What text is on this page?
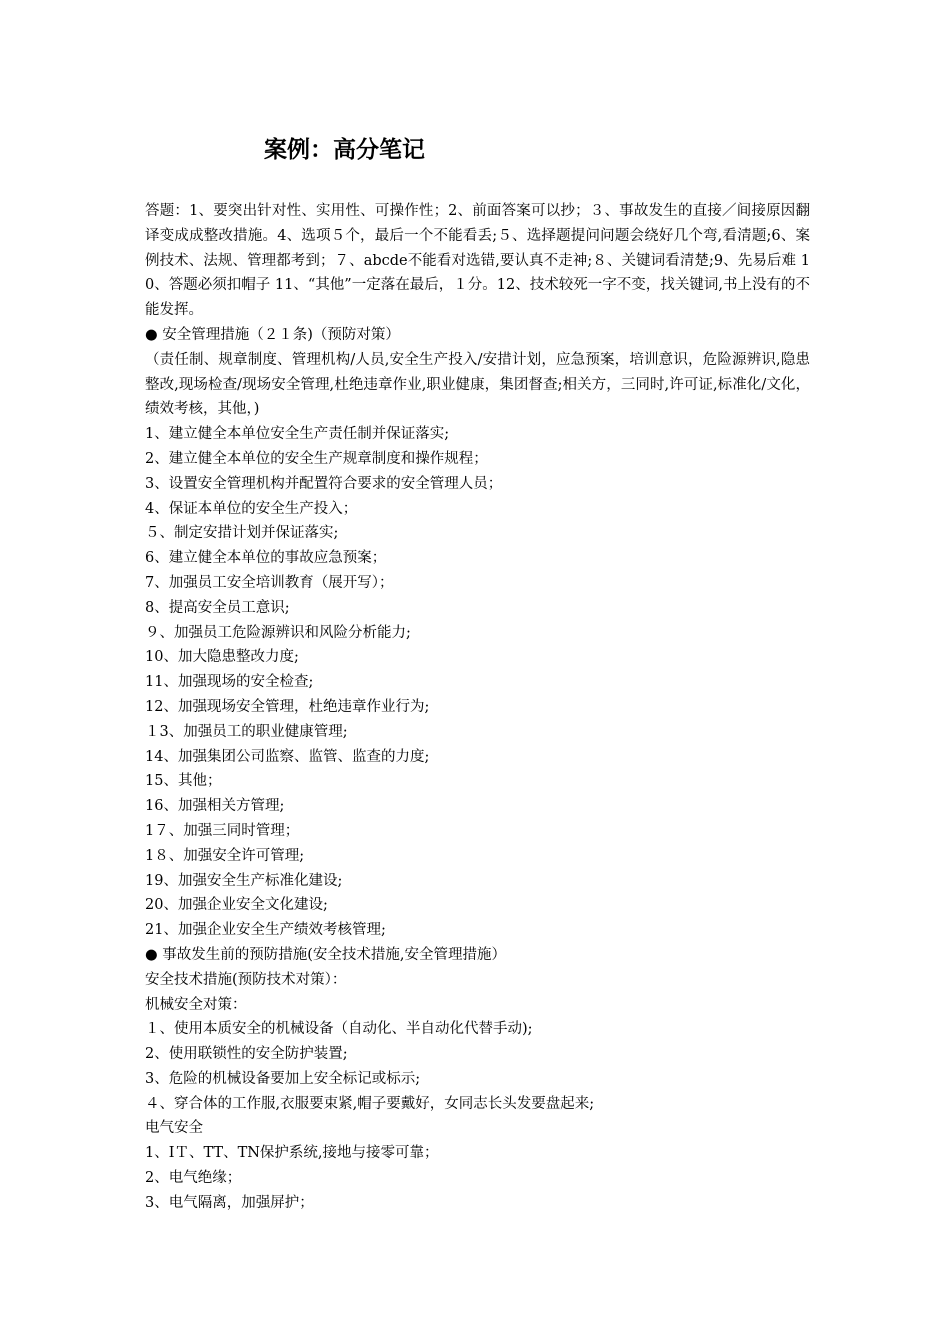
案例：高分笔记

答题：1、要突出针对性、实用性、可操作性；2、前面答案可以抄；３、事故发生的直接／间接原因翻译变成成整改措施。4、选项５个，最后一个不能看丢;５、选择题提问问题会绕好几个弯,看清题;6、案例技术、法规、管理都考到；７、abcde不能看对选错,要认真不走神;８、关键词看清楚;9、先易后难 10、答题必须扣帽子 11、“其他”一定落在最后，１分。12、技术较死一字不变，找关键词,书上没有的不能发挥。

● 安全管理措施（２１条)（预防对策）

（责任制、规章制度、管理机构/人员,安全生产投入/安措计划，应急预案，培训意识，危险源辨识,隐患整改,现场检查/现场安全管理,杜绝违章作业,职业健康，集团督查;相关方，三同时,许可证,标准化/文化， 绩效考核，其他，)

1、建立健全本单位安全生产责任制并保证落实;

2、建立健全本单位的安全生产规章制度和操作规程；

3、设置安全管理机构并配置符合要求的安全管理人员；

4、保证本单位的安全生产投入；

５、制定安措计划并保证落实;

6、建立健全本单位的事故应急预案；

7、加强员工安全培训教育（展开写）；

8、提高安全员工意识;

９、加强员工危险源辨识和风险分析能力;

10、加大隐患整改力度;

11、加强现场的安全检查;

12、加强现场安全管理，杜绝违章作业行为;

１3、加强员工的职业健康管理;

14、加强集团公司监察、监管、监查的力度;

15、其他；

16、加强相关方管理;

1７、加强三同时管理；

1８、加强安全许可管理;

19、加强安全生产标准化建设;

20、加强企业安全文化建设;

21、加强企业安全生产绩效考核管理;

● 事故发生前的预防措施(安全技术措施,安全管理措施）

安全技术措施(预防技术对策）：

机械安全对策：

１、使用本质安全的机械设备（自动化、半自动化代替手动);

2、使用联锁性的安全防护装置;

3、危险的机械设备要加上安全标记或标示;

４、穿合体的工作服,衣服要束紧,帽子要戴好，女同志长头发要盘起来;

电气安全

1、IＴ、TT、TN保护系统,接地与接零可靠；

2、电气绝缘；

3、电气隔离，加强屏护；
